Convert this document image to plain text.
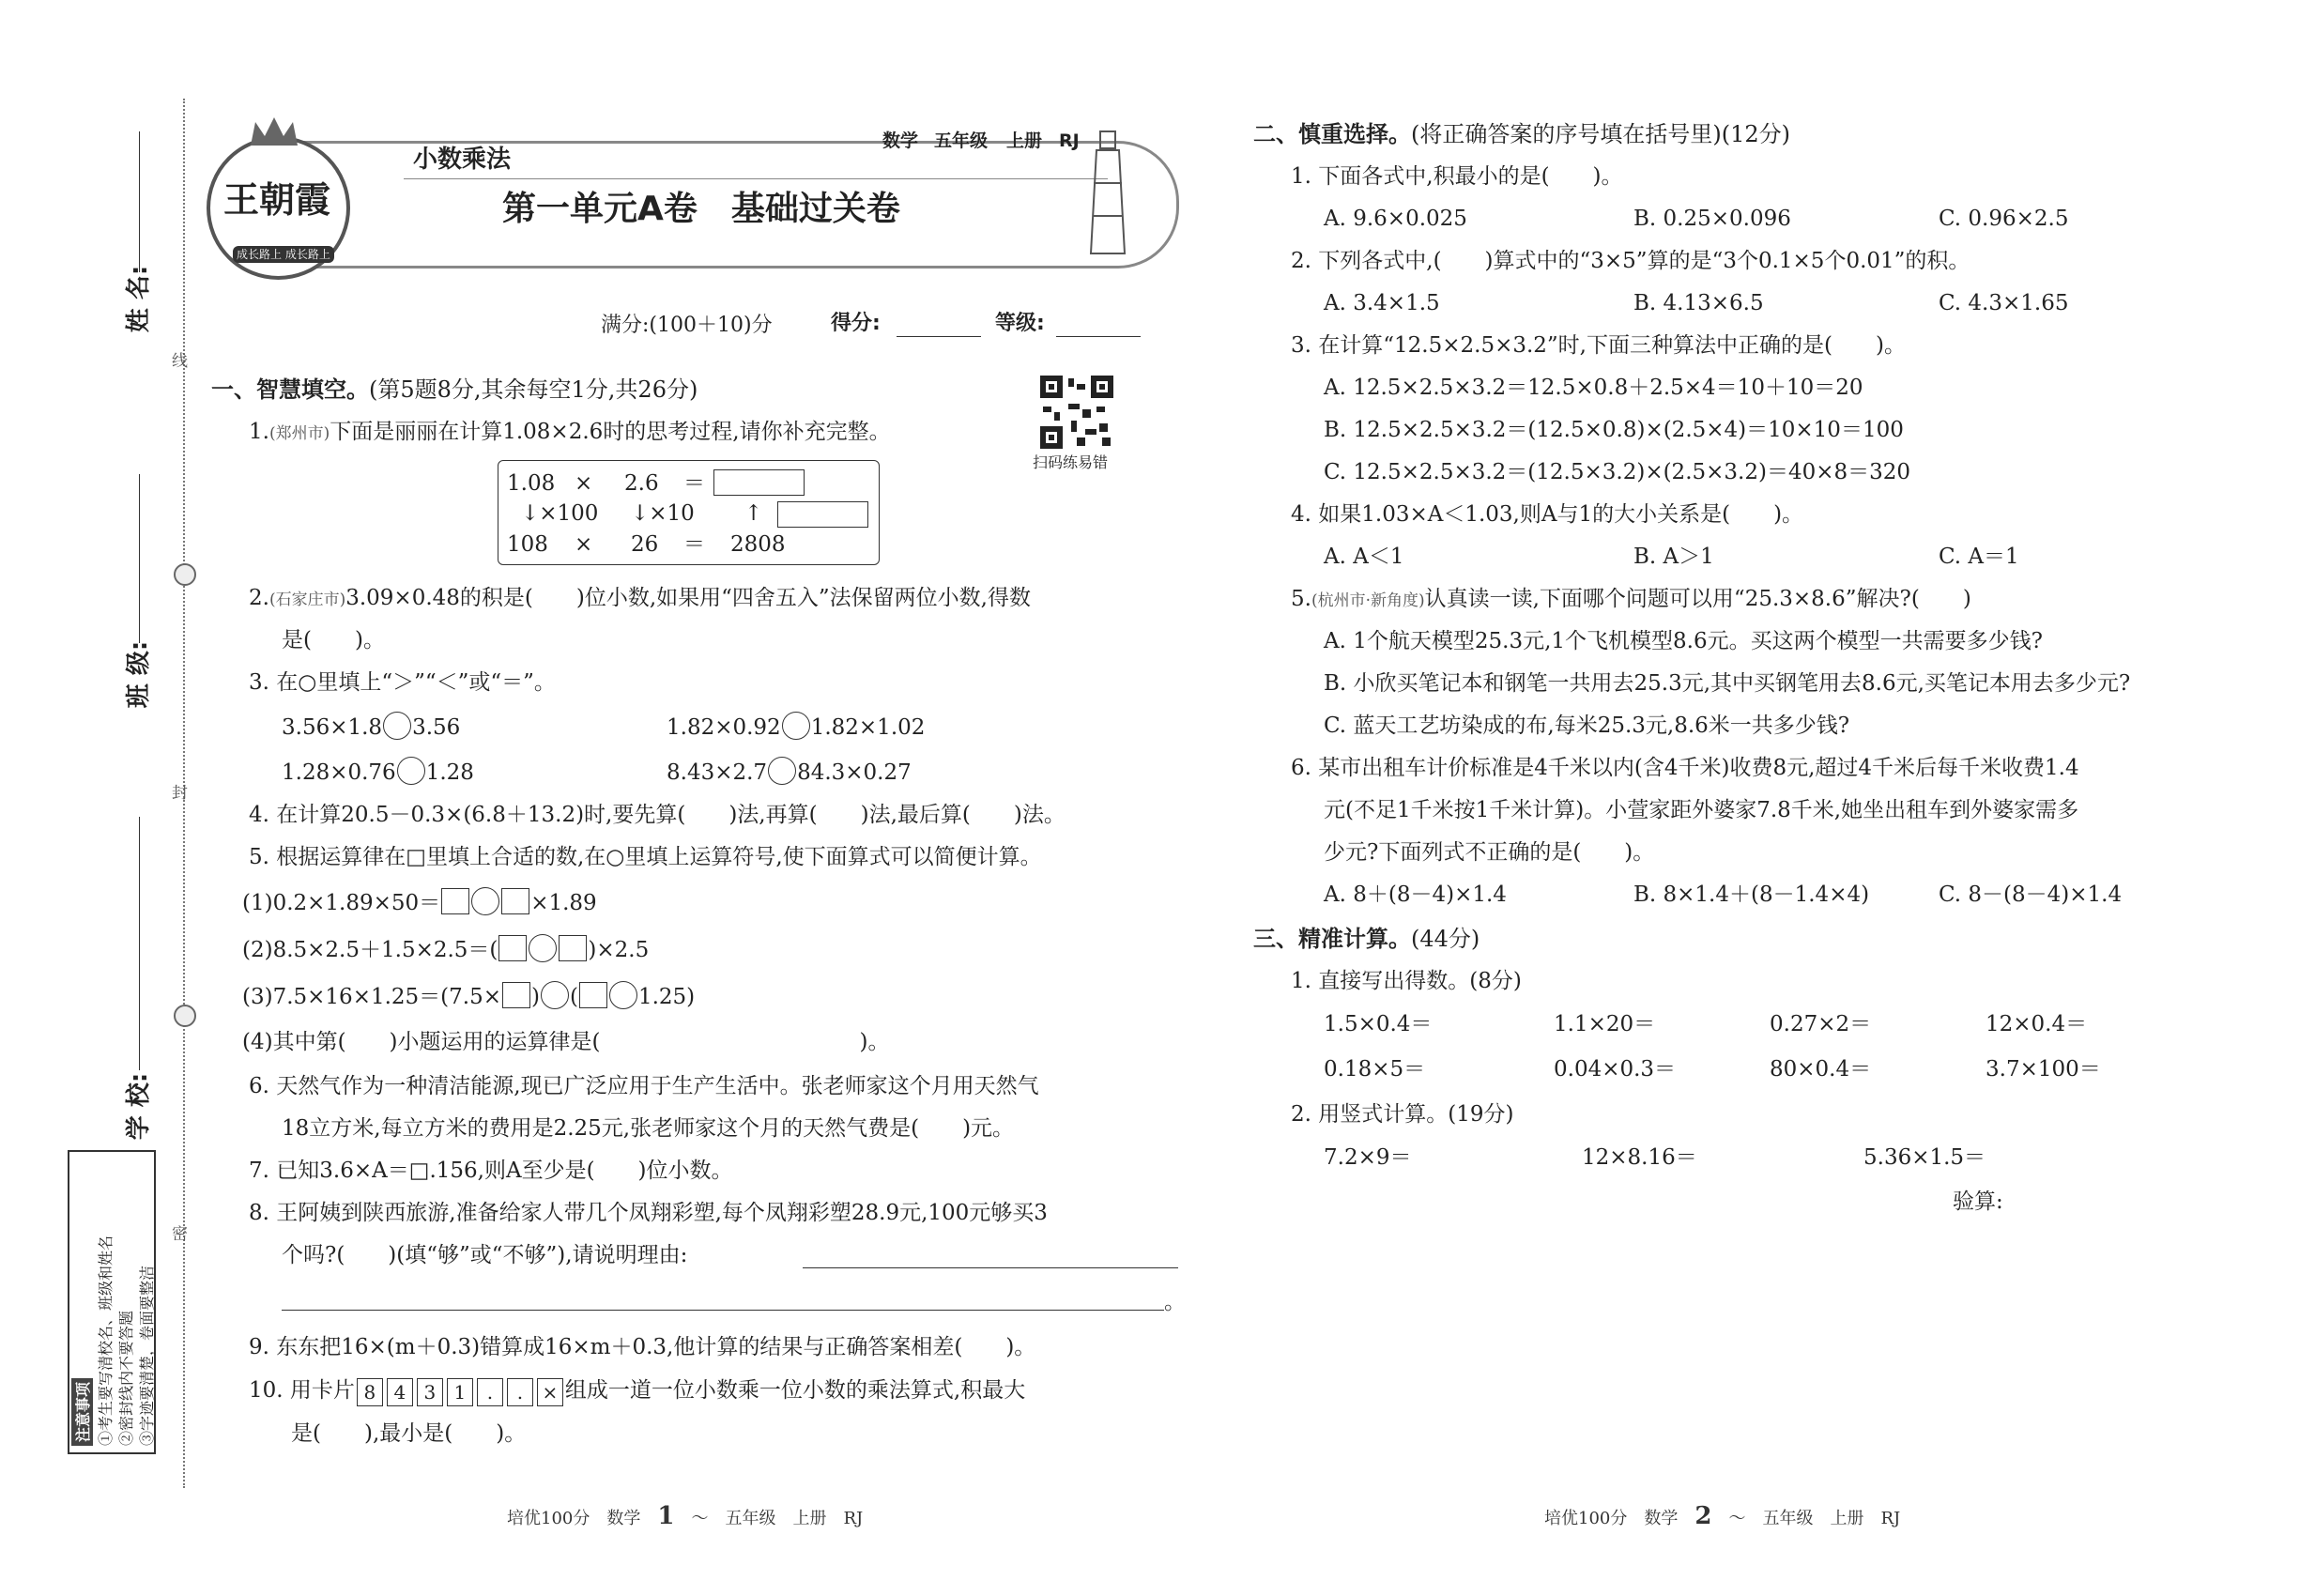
姓 名:
班 级:
学 校:
线
封
密
注意事项 ①考生要写清校名、班级和姓名 ②密封线内不要答题 ③字迹要清楚，卷面要整洁
王朝霞
成长路上 成长路上
小数乘法
数学 五年级 上册 RJ
第一单元A卷　基础过关卷
满分:(100＋10)分	得分:	等级:
扫码练易错
一、智慧填空。(第5题8分,其余每空1分,共26分)
1.(郑州市)下面是丽丽在计算1.08×2.6时的思考过程,请你补充完整。
1.08 × 2.6 ＝
↓×100 ↓×10 ↑
108 × 26 ＝ 2808
2.(石家庄市)3.09×0.48的积是(　　)位小数,如果用“四舍五入”法保留两位小数,得数
是(　　)。
3. 在○里填上“＞”“＜”或“＝”。
3.56×1.8 3.56	1.82×0.92 1.82×1.02
1.28×0.76 1.28	8.43×2.7 84.3×0.27
4. 在计算20.5－0.3×(6.8＋13.2)时,要先算(　　)法,再算(　　)法,最后算(　　)法。
5. 根据运算律在□里填上合适的数,在○里填上运算符号,使下面算式可以简便计算。
(1)0.2×1.89×50＝	×1.89
(2)8.5×2.5＋1.5×2.5＝(	)×2.5
(3)7.5×16×1.25＝(7.5× ) (	1.25)
(4)其中第(　　)小题运用的运算律是(　　　　　　　　　　　　)。
6. 天然气作为一种清洁能源,现已广泛应用于生产生活中。张老师家这个月用天然气
18立方米,每立方米的费用是2.25元,张老师家这个月的天然气费是(　　)元。
7. 已知3.6×A＝□.156,则A至少是(　　)位小数。
8. 王阿姨到陕西旅游,准备给家人带几个凤翔彩塑,每个凤翔彩塑28.9元,100元够买3
个吗?(　　)(填“够”或“不够”),请说明理由:
。
9. 东东把16×(m＋0.3)错算成16×m＋0.3,他计算的结果与正确答案相差(　　)。
10. 用卡片 8 4 3 1 . . × 组成一道一位小数乘一位小数的乘法算式,积最大
是(　　),最小是(　　)。
二、慎重选择。(将正确答案的序号填在括号里)(12分)
1. 下面各式中,积最小的是(　　)。
A. 9.6×0.025	B. 0.25×0.096	C. 0.96×2.5
2. 下列各式中,(　　)算式中的“3×5”算的是“3个0.1×5个0.01”的积。
A. 3.4×1.5	B. 4.13×6.5	C. 4.3×1.65
3. 在计算“12.5×2.5×3.2”时,下面三种算法中正确的是(　　)。
A. 12.5×2.5×3.2＝12.5×0.8＋2.5×4＝10＋10＝20
B. 12.5×2.5×3.2＝(12.5×0.8)×(2.5×4)＝10×10＝100
C. 12.5×2.5×3.2＝(12.5×3.2)×(2.5×3.2)＝40×8＝320
4. 如果1.03×A＜1.03,则A与1的大小关系是(　　)。
A. A＜1	B. A＞1	C. A＝1
5.(杭州市·新角度)认真读一读,下面哪个问题可以用“25.3×8.6”解决?(　　)
A. 1个航天模型25.3元,1个飞机模型8.6元。买这两个模型一共需要多少钱?
B. 小欣买笔记本和钢笔一共用去25.3元,其中买钢笔用去8.6元,买笔记本用去多少元?
C. 蓝天工艺坊染成的布,每米25.3元,8.6米一共多少钱?
6. 某市出租车计价标准是4千米以内(含4千米)收费8元,超过4千米后每千米收费1.4
元(不足1千米按1千米计算)。小萱家距外婆家7.8千米,她坐出租车到外婆家需多
少元?下面列式不正确的是(　　)。
A. 8＋(8－4)×1.4	B. 8×1.4＋(8－1.4×4)	C. 8－(8－4)×1.4
三、精准计算。(44分)
1. 直接写出得数。(8分)
1.5×0.4＝	1.1×20＝	0.27×2＝	12×0.4＝
0.18×5＝	0.04×0.3＝	80×0.4＝	3.7×100＝
2. 用竖式计算。(19分)
7.2×9＝	12×8.16＝	5.36×1.5＝
验算:
培优100分　 数学　 1　～　五年级　 上册　 RJ	培优100分　 数学　 2　～　五年级　 上册　 RJ
